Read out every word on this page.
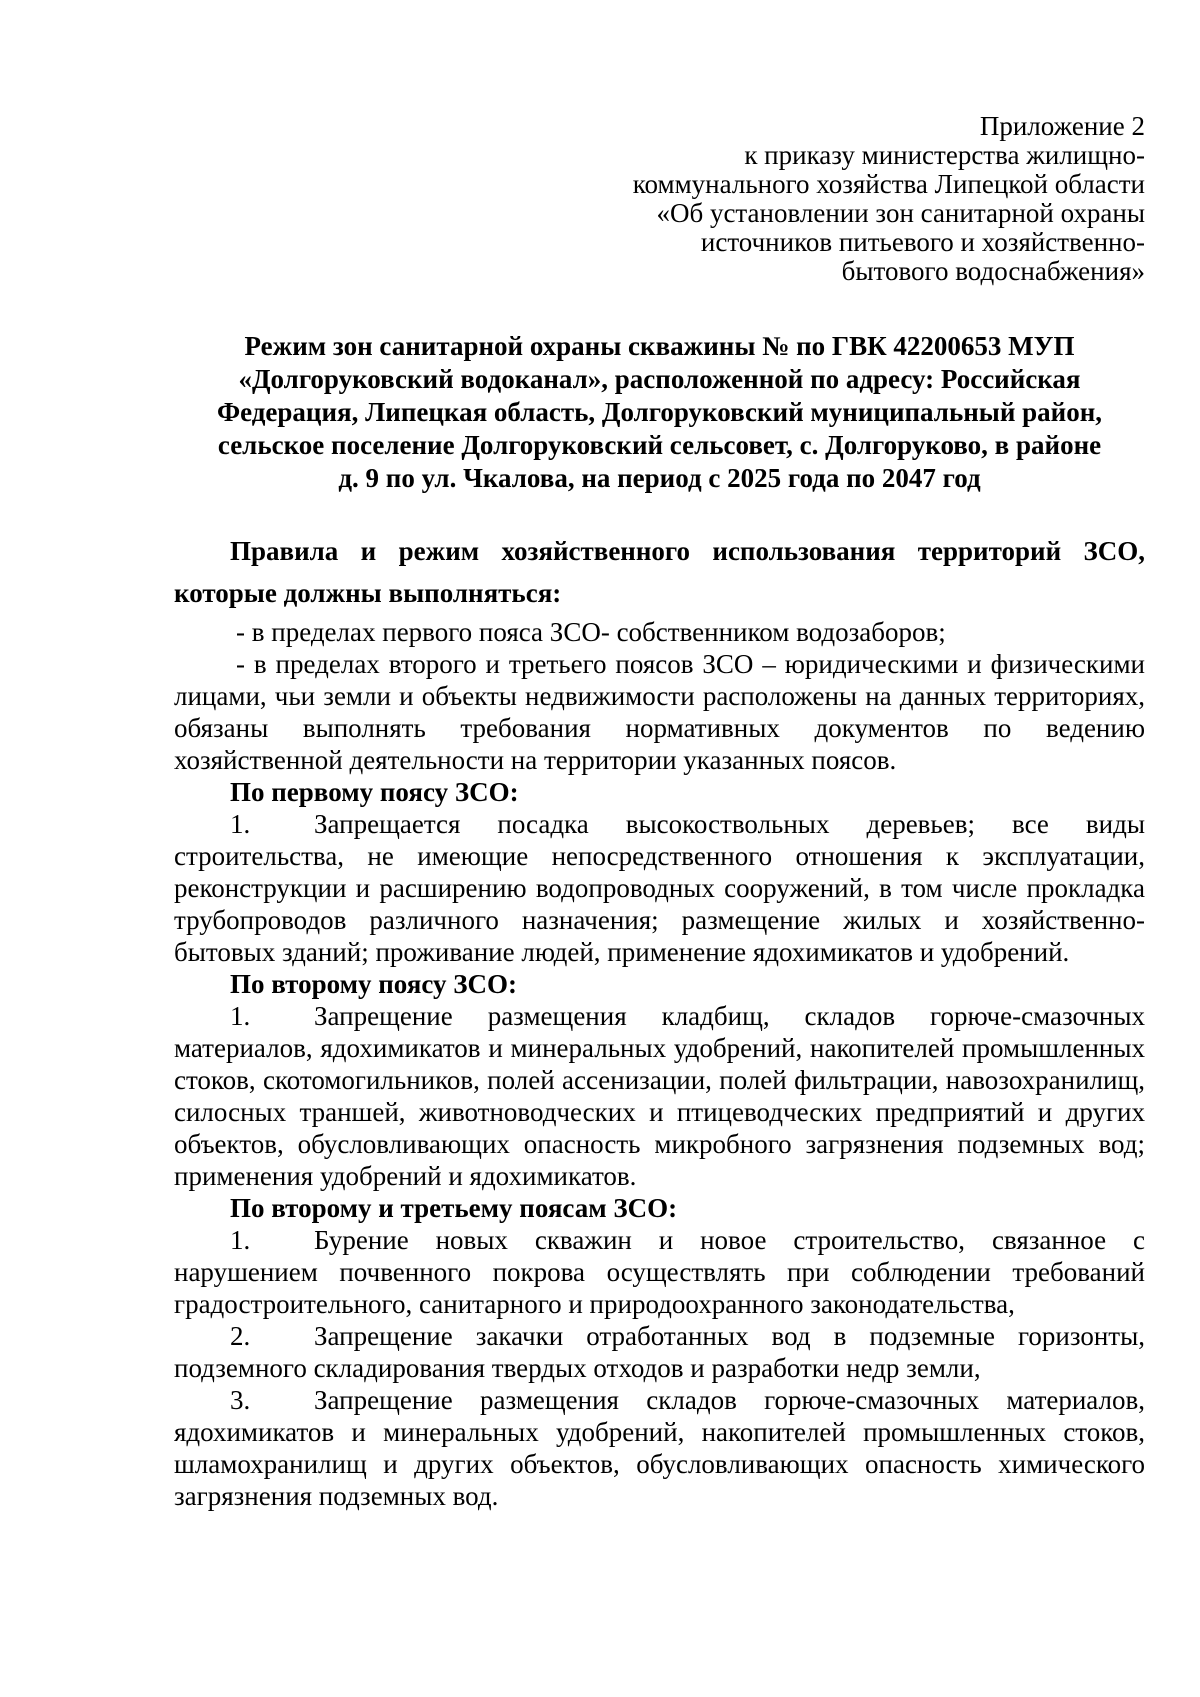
Приложение 2
к приказу министерства жилищно-
коммунального хозяйства Липецкой области
«Об установлении зон санитарной охраны
источников питьевого и хозяйственно-
бытового водоснабжения»
Режим зон санитарной охраны скважины № по ГВК 42200653 МУП
«Долгоруковский водоканал», расположенной по адресу: Российская
Федерация, Липецкая область, Долгоруковский муниципальный район,
сельское поселение Долгоруковский сельсовет, с. Долгоруково, в районе
д. 9 по ул. Чкалова, на период с 2025 года по 2047 год

Правила и режим хозяйственного использования территорий ЗСО, которые должны выполняться:

- в пределах первого пояса ЗСО- собственником водозаборов;

- в пределах второго и третьего поясов ЗСО – юридическими и физическими лицами, чьи земли и объекты недвижимости расположены на данных территориях, обязаны выполнять требования нормативных документов по ведению хозяйственной деятельности на территории указанных поясов.

По первому поясу ЗСО:

1. Запрещается посадка высокоствольных деревьев; все виды строительства, не имеющие непосредственного отношения к эксплуатации, реконструкции и расширению водопроводных сооружений, в том числе прокладка трубопроводов различного назначения; размещение жилых и хозяйственно-бытовых зданий; проживание людей, применение ядохимикатов и удобрений.

По второму поясу ЗСО:

1. Запрещение размещения кладбищ, складов горюче-смазочных материалов, ядохимикатов и минеральных удобрений, накопителей промышленных стоков, скотомогильников, полей ассенизации, полей фильтрации, навозохранилищ, силосных траншей, животноводческих и птицеводческих предприятий и других объектов, обусловливающих опасность микробного загрязнения подземных вод; применения удобрений и ядохимикатов.

По второму и третьему поясам ЗСО:

1. Бурение новых скважин и новое строительство, связанное с нарушением почвенного покрова осуществлять при соблюдении требований градостроительного, санитарного и природоохранного законодательства,

2. Запрещение закачки отработанных вод в подземные горизонты, подземного складирования твердых отходов и разработки недр земли,

3. Запрещение размещения складов горюче-смазочных материалов, ядохимикатов и минеральных удобрений, накопителей промышленных стоков, шламохранилищ и других объектов, обусловливающих опасность химического загрязнения подземных вод.
